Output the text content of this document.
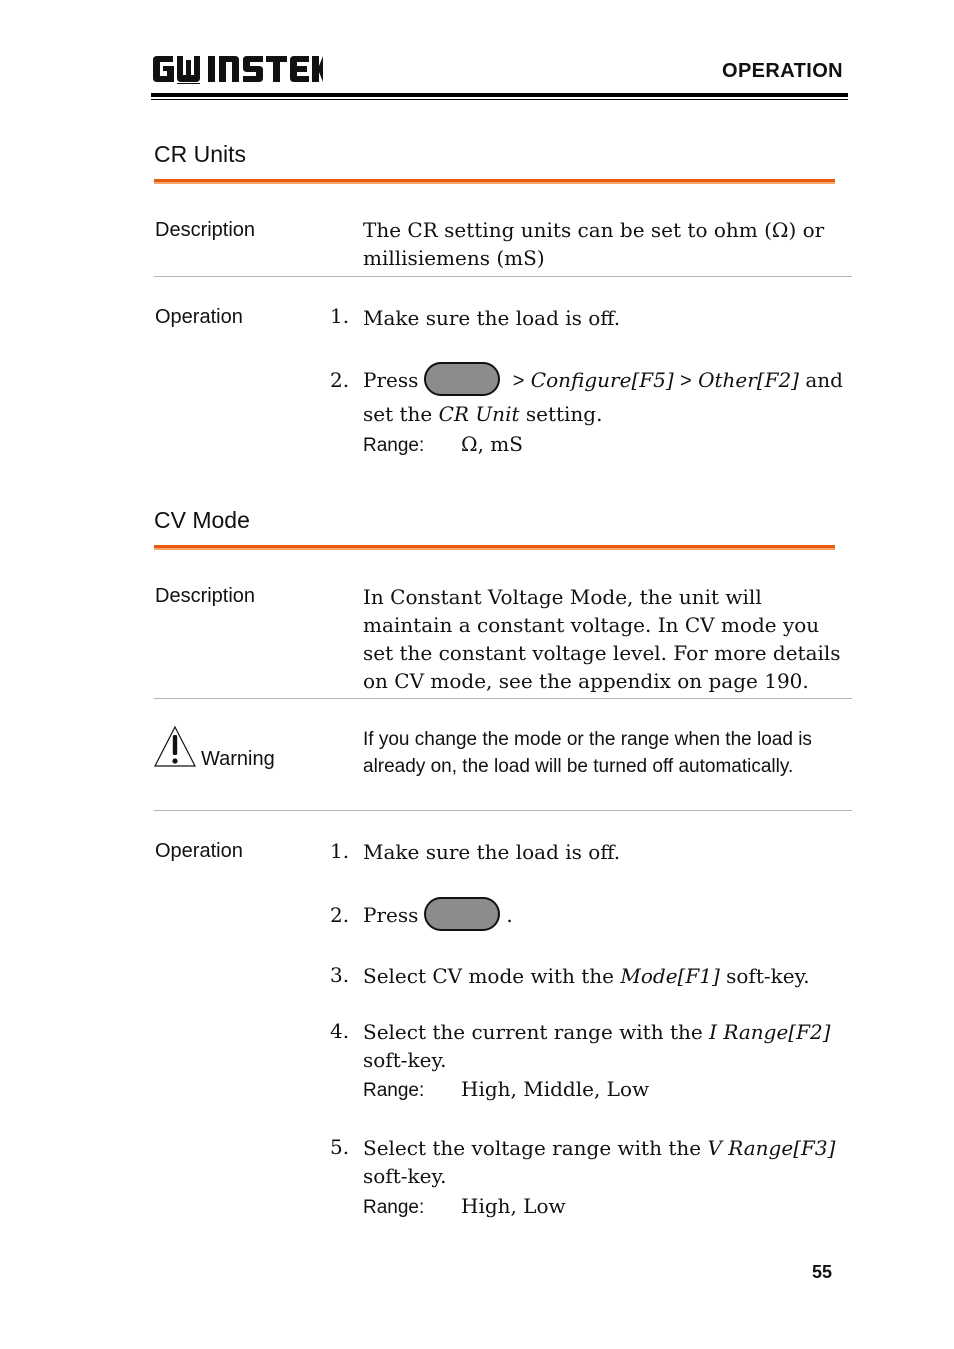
OPERATION
CR Units
Description	The CR setting units can be set to ohm (Ω) or millisiemens (mS)
Operation	1. Make sure the load is off.
2. Press	> Configure[F5] > Other[F2] and
set the CR Unit setting.
Range: Ω, mS
CV Mode
Description	In Constant Voltage Mode, the unit will maintain a constant voltage. In CV mode you set the constant voltage level. For more details on CV mode, see the appendix on page 190.
Warning
If you change the mode or the range when the load is already on, the load will be turned off automatically.
Operation	1. Make sure the load is off.
2. Press	.
3. Select CV mode with the Mode[F1] soft-key.
4. Select the current range with the I Range[F2]
soft-key.
Range: High, Middle, Low
5. Select the voltage range with the V Range[F3]
soft-key.
Range: High, Low
55
